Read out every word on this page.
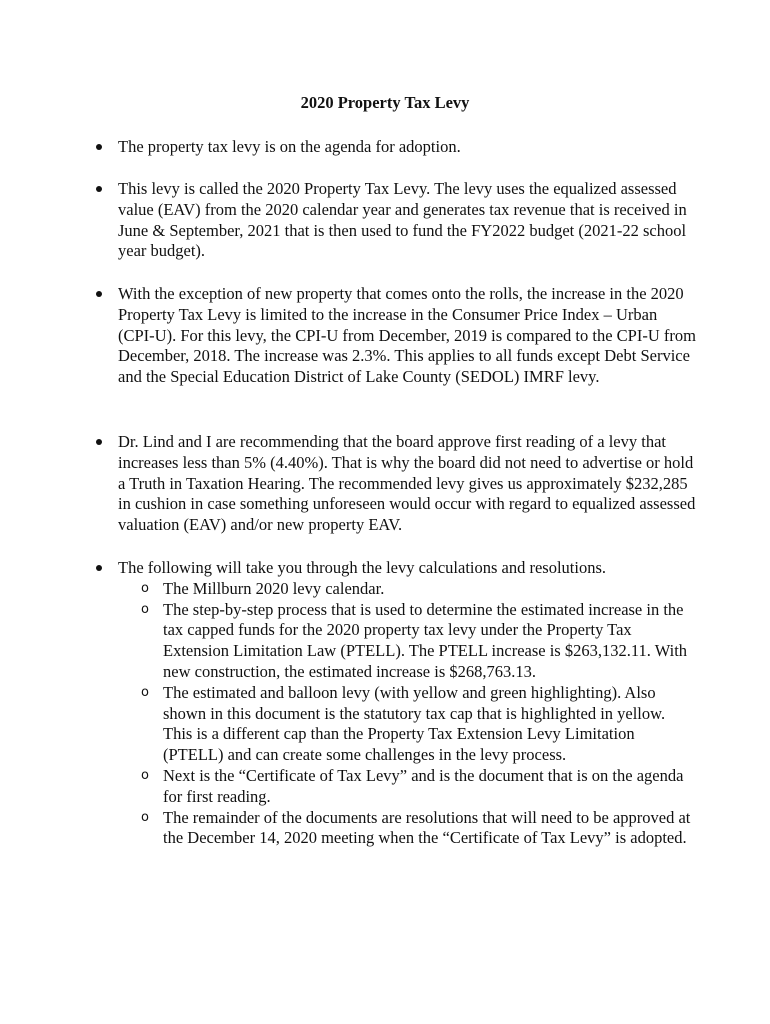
2020 Property Tax Levy
The property tax levy is on the agenda for adoption.
This levy is called the 2020 Property Tax Levy. The levy uses the equalized assessed value (EAV) from the 2020 calendar year and generates tax revenue that is received in June & September, 2021 that is then used to fund the FY2022 budget (2021-22 school year budget).
With the exception of new property that comes onto the rolls, the increase in the 2020 Property Tax Levy is limited to the increase in the Consumer Price Index – Urban (CPI-U). For this levy, the CPI-U from December, 2019 is compared to the CPI-U from December, 2018. The increase was 2.3%. This applies to all funds except Debt Service and the Special Education District of Lake County (SEDOL) IMRF levy.
Dr. Lind and I are recommending that the board approve first reading of a levy that increases less than 5% (4.40%). That is why the board did not need to advertise or hold a Truth in Taxation Hearing. The recommended levy gives us approximately $232,285 in cushion in case something unforeseen would occur with regard to equalized assessed valuation (EAV) and/or new property EAV.
The following will take you through the levy calculations and resolutions.
o The Millburn 2020 levy calendar.
o The step-by-step process that is used to determine the estimated increase in the tax capped funds for the 2020 property tax levy under the Property Tax Extension Limitation Law (PTELL). The PTELL increase is $263,132.11. With new construction, the estimated increase is $268,763.13.
o The estimated and balloon levy (with yellow and green highlighting). Also shown in this document is the statutory tax cap that is highlighted in yellow. This is a different cap than the Property Tax Extension Levy Limitation (PTELL) and can create some challenges in the levy process.
o Next is the “Certificate of Tax Levy” and is the document that is on the agenda for first reading.
o The remainder of the documents are resolutions that will need to be approved at the December 14, 2020 meeting when the “Certificate of Tax Levy” is adopted.
